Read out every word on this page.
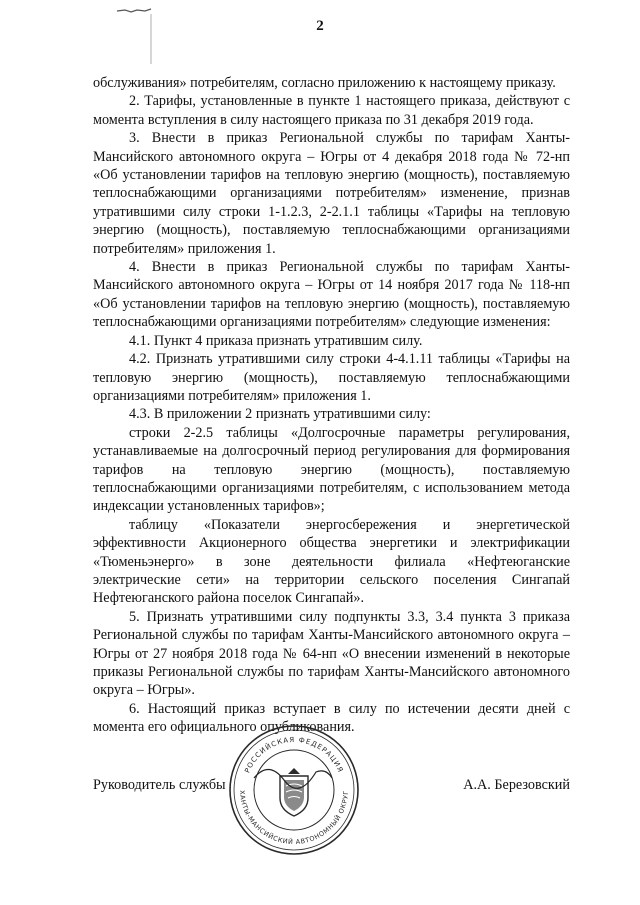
2

обслуживания» потребителям, согласно приложению к настоящему приказу.

2. Тарифы, установленные в пункте 1 настоящего приказа, действуют с момента вступления в силу настоящего приказа по 31 декабря 2019 года.

3. Внести в приказ Региональной службы по тарифам Ханты-Мансийского автономного округа – Югры от 4 декабря 2018 года № 72-нп «Об установлении тарифов на тепловую энергию (мощность), поставляемую теплоснабжающими организациями потребителям» изменение, признав утратившими силу строки 1-1.2.3, 2-2.1.1 таблицы «Тарифы на тепловую энергию (мощность), поставляемую теплоснабжающими организациями потребителям» приложения 1.

4. Внести в приказ Региональной службы по тарифам Ханты-Мансийского автономного округа – Югры от 14 ноября 2017 года № 118-нп «Об установлении тарифов на тепловую энергию (мощность), поставляемую теплоснабжающими организациями потребителям» следующие изменения:

4.1. Пункт 4 приказа признать утратившим силу.

4.2. Признать утратившими силу строки 4-4.1.11 таблицы «Тарифы на тепловую энергию (мощность), поставляемую теплоснабжающими организациями потребителям» приложения 1.

4.3. В приложении 2 признать утратившими силу:

строки 2-2.5 таблицы «Долгосрочные параметры регулирования, устанавливаемые на долгосрочный период регулирования для формирования тарифов на тепловую энергию (мощность), поставляемую теплоснабжающими организациями потребителям, с использованием метода индексации установленных тарифов»;

таблицу «Показатели энергосбережения и энергетической эффективности Акционерного общества энергетики и электрификации «Тюменьэнерго» в зоне деятельности филиала «Нефтеюганские электрические сети» на территории сельского поселения Сингапай Нефтеюганского района поселок Сингапай».

5. Признать утратившими силу подпункты 3.3, 3.4 пункта 3 приказа Региональной службы по тарифам Ханты-Мансийского автономного округа – Югры от 27 ноября 2018 года № 64-нп «О внесении изменений в некоторые приказы Региональной службы по тарифам Ханты-Мансийского автономного округа – Югры».

6. Настоящий приказ вступает в силу по истечении десяти дней с момента его официального опубликования.

РОССИЙСКАЯ ФЕДЕРАЦИЯ
ХАНТЫ-МАНСИЙСКИЙ АВТОНОМНЫЙ ОКРУГ
Руководитель службы	А.А. Березовский
